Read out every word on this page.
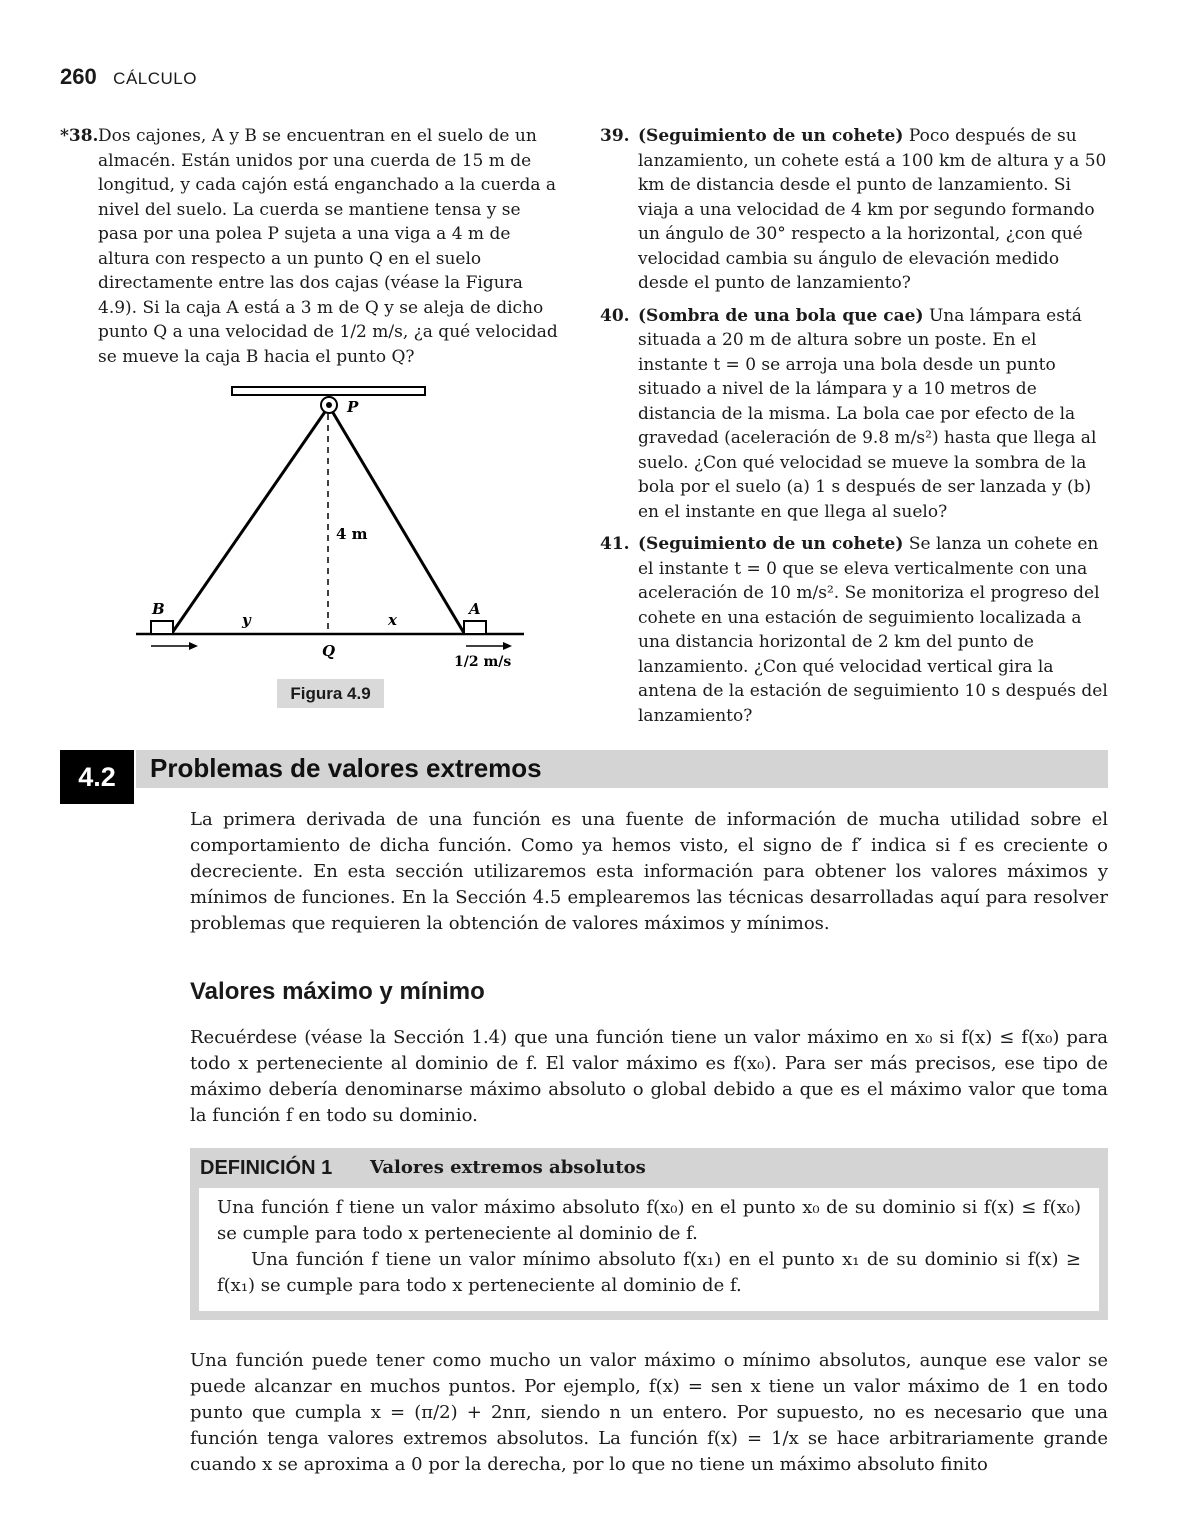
260 CÁLCULO
*38. Dos cajones, A y B se encuentran en el suelo de un almacén. Están unidos por una cuerda de 15 m de longitud, y cada cajón está enganchado a la cuerda a nivel del suelo. La cuerda se mantiene tensa y se pasa por una polea P sujeta a una viga a 4 m de altura con respecto a un punto Q en el suelo directamente entre las dos cajas (véase la Figura 4.9). Si la caja A está a 3 m de Q y se aleja de dicho punto Q a una velocidad de 1/2 m/s, ¿a qué velocidad se mueve la caja B hacia el punto Q?

P
4 m
B	A
y	x
Q
1/2 m/s
Figura 4.9
39. (Seguimiento de un cohete) Poco después de su lanzamiento, un cohete está a 100 km de altura y a 50 km de distancia desde el punto de lanzamiento. Si viaja a una velocidad de 4 km por segundo formando un ángulo de 30° respecto a la horizontal, ¿con qué velocidad cambia su ángulo de elevación medido desde el punto de lanzamiento?

40. (Sombra de una bola que cae) Una lámpara está situada a 20 m de altura sobre un poste. En el instante t = 0 se arroja una bola desde un punto situado a nivel de la lámpara y a 10 metros de distancia de la misma. La bola cae por efecto de la gravedad (aceleración de 9.8 m/s²) hasta que llega al suelo. ¿Con qué velocidad se mueve la sombra de la bola por el suelo (a) 1 s después de ser lanzada y (b) en el instante en que llega al suelo?

41. (Seguimiento de un cohete) Se lanza un cohete en el instante t = 0 que se eleva verticalmente con una aceleración de 10 m/s². Se monitoriza el progreso del cohete en una estación de seguimiento localizada a una distancia horizontal de 2 km del punto de lanzamiento. ¿Con qué velocidad vertical gira la antena de la estación de seguimiento 10 s después del lanzamiento?

4.2	Problemas de valores extremos

La primera derivada de una función es una fuente de información de mucha utilidad sobre el comportamiento de dicha función. Como ya hemos visto, el signo de f′ indica si f es creciente o decreciente. En esta sección utilizaremos esta información para obtener los valores máximos y mínimos de funciones. En la Sección 4.5 emplearemos las técnicas desarrolladas aquí para resolver problemas que requieren la obtención de valores máximos y mínimos.

Valores máximo y mínimo

Recuérdese (véase la Sección 1.4) que una función tiene un valor máximo en x₀ si f(x) ≤ f(x₀) para todo x perteneciente al dominio de f. El valor máximo es f(x₀). Para ser más precisos, ese tipo de máximo debería denominarse máximo absoluto o global debido a que es el máximo valor que toma la función f en todo su dominio.

DEFINICIÓN 1 Valores extremos absolutos

Una función f tiene un valor máximo absoluto f(x₀) en el punto x₀ de su dominio si f(x) ≤ f(x₀) se cumple para todo x perteneciente al dominio de f.

Una función f tiene un valor mínimo absoluto f(x₁) en el punto x₁ de su dominio si f(x) ≥ f(x₁) se cumple para todo x perteneciente al dominio de f.

Una función puede tener como mucho un valor máximo o mínimo absolutos, aunque ese valor se puede alcanzar en muchos puntos. Por ejemplo, f(x) = sen x tiene un valor máximo de 1 en todo punto que cumpla x = (π/2) + 2nπ, siendo n un entero. Por supuesto, no es necesario que una función tenga valores extremos absolutos. La función f(x) = 1/x se hace arbitrariamente grande cuando x se aproxima a 0 por la derecha, por lo que no tiene un máximo absoluto finito
